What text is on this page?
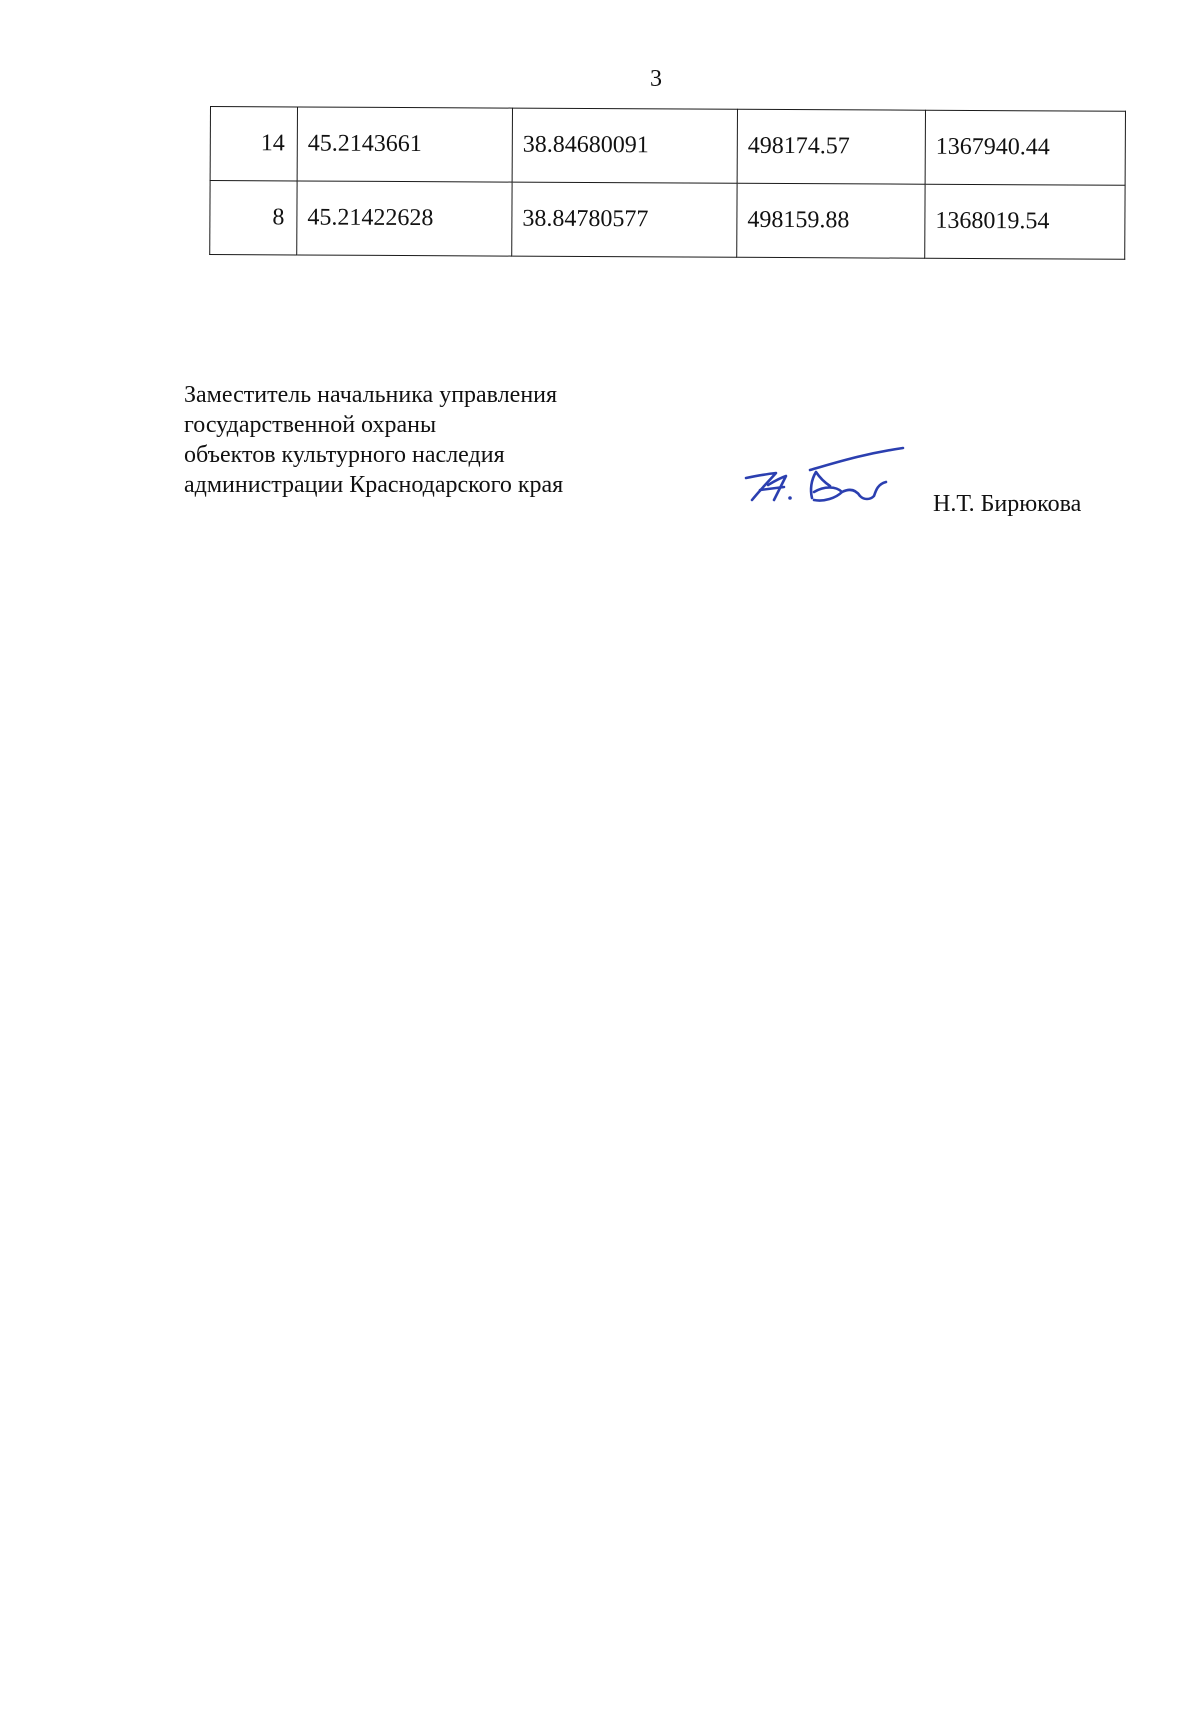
3
14	45.2143661	38.84680091	498174.57	1367940.44
8	45.21422628	38.84780577	498159.88	1368019.54
Заместитель начальника управления
государственной охраны
объектов культурного наследия
администрации Краснодарского края
Н.Т. Бирюкова
